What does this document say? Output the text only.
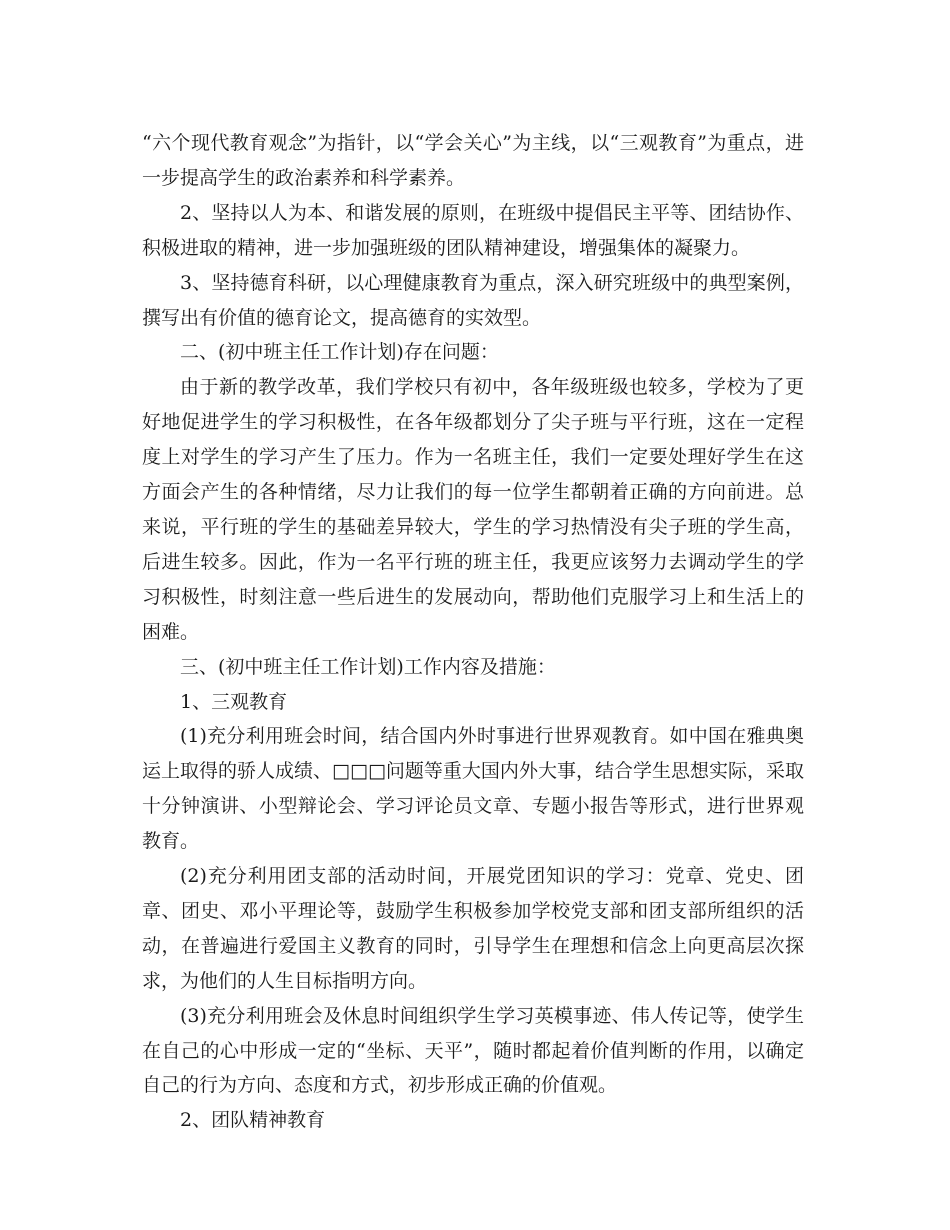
“六个现代教育观念”为指针，以“学会关心”为主线，以“三观教育”为重点，进一步提高学生的政治素养和科学素养。

2、坚持以人为本、和谐发展的原则，在班级中提倡民主平等、团结协作、积极进取的精神，进一步加强班级的团队精神建设，增强集体的凝聚力。

3、坚持德育科研，以心理健康教育为重点，深入研究班级中的典型案例，撰写出有价值的德育论文，提高德育的实效型。

二、(初中班主任工作计划)存在问题：

由于新的教学改革，我们学校只有初中，各年级班级也较多，学校为了更好地促进学生的学习积极性，在各年级都划分了尖子班与平行班，这在一定程度上对学生的学习产生了压力。作为一名班主任，我们一定要处理好学生在这方面会产生的各种情绪，尽力让我们的每一位学生都朝着正确的方向前进。总来说，平行班的学生的基础差异较大，学生的学习热情没有尖子班的学生高，后进生较多。因此，作为一名平行班的班主任，我更应该努力去调动学生的学习积极性，时刻注意一些后进生的发展动向，帮助他们克服学习上和生活上的困难。

三、(初中班主任工作计划)工作内容及措施：

1、三观教育

(1)充分利用班会时间，结合国内外时事进行世界观教育。如中国在雅典奥运上取得的骄人成绩、□□□问题等重大国内外大事，结合学生思想实际，采取十分钟演讲、小型辩论会、学习评论员文章、专题小报告等形式，进行世界观教育。

(2)充分利用团支部的活动时间，开展党团知识的学习：党章、党史、团章、团史、邓小平理论等，鼓励学生积极参加学校党支部和团支部所组织的活动，在普遍进行爱国主义教育的同时，引导学生在理想和信念上向更高层次探求，为他们的人生目标指明方向。

(3)充分利用班会及休息时间组织学生学习英模事迹、伟人传记等，使学生在自己的心中形成一定的“坐标、天平”，随时都起着价值判断的作用，以确定自己的行为方向、态度和方式，初步形成正确的价值观。

2、团队精神教育
